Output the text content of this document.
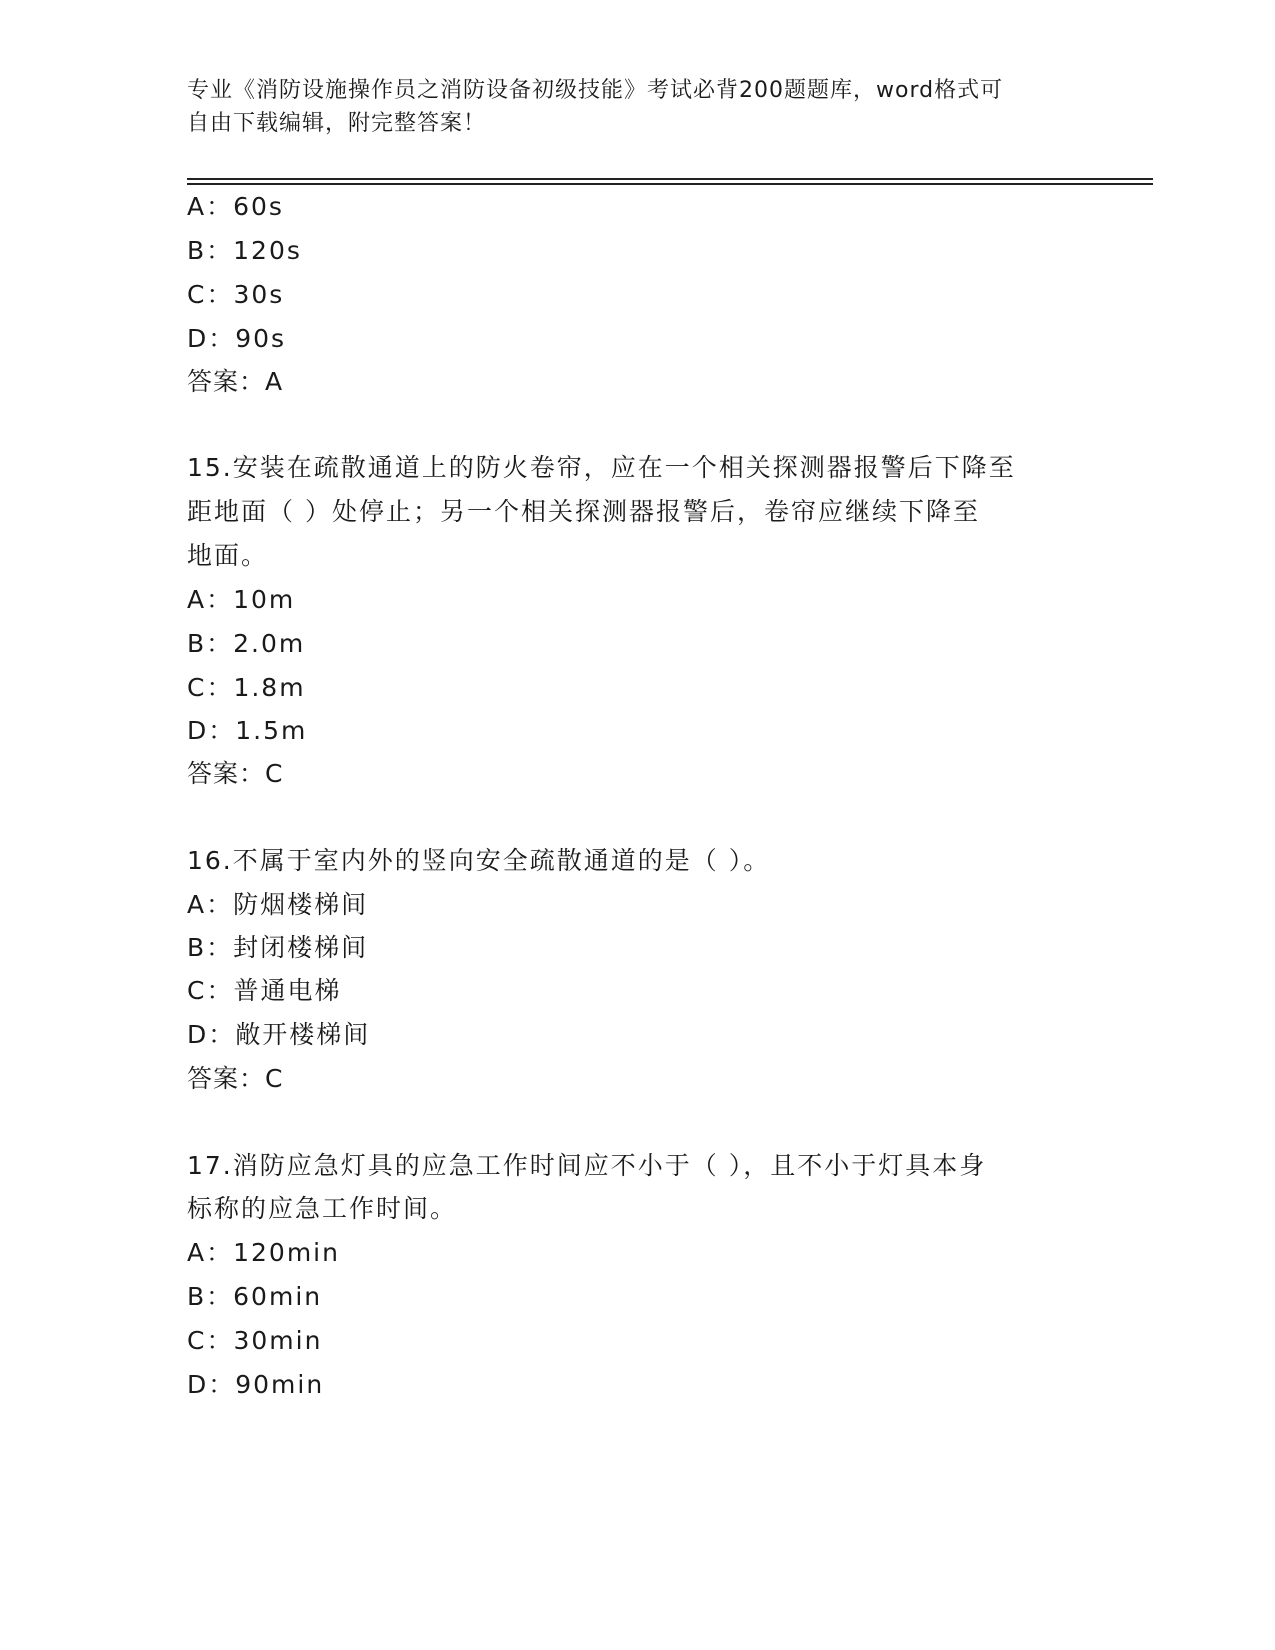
专业《消防设施操作员之消防设备初级技能》考试必背200题题库，word格式可
自由下载编辑，附完整答案！
A：60s
B：120s
C：30s
D：90s
答案：A
15.安装在疏散通道上的防火卷帘，应在一个相关探测器报警后下降至
距地面（ ）处停止；另一个相关探测器报警后，卷帘应继续下降至
地面。
A：10m
B：2.0m
C：1.8m
D：1.5m
答案：C
16.不属于室内外的竖向安全疏散通道的是（ ）。
A：防烟楼梯间
B：封闭楼梯间
C：普通电梯
D：敞开楼梯间
答案：C
17.消防应急灯具的应急工作时间应不小于（ ），且不小于灯具本身
标称的应急工作时间。
A：120min
B：60min
C：30min
D：90min
